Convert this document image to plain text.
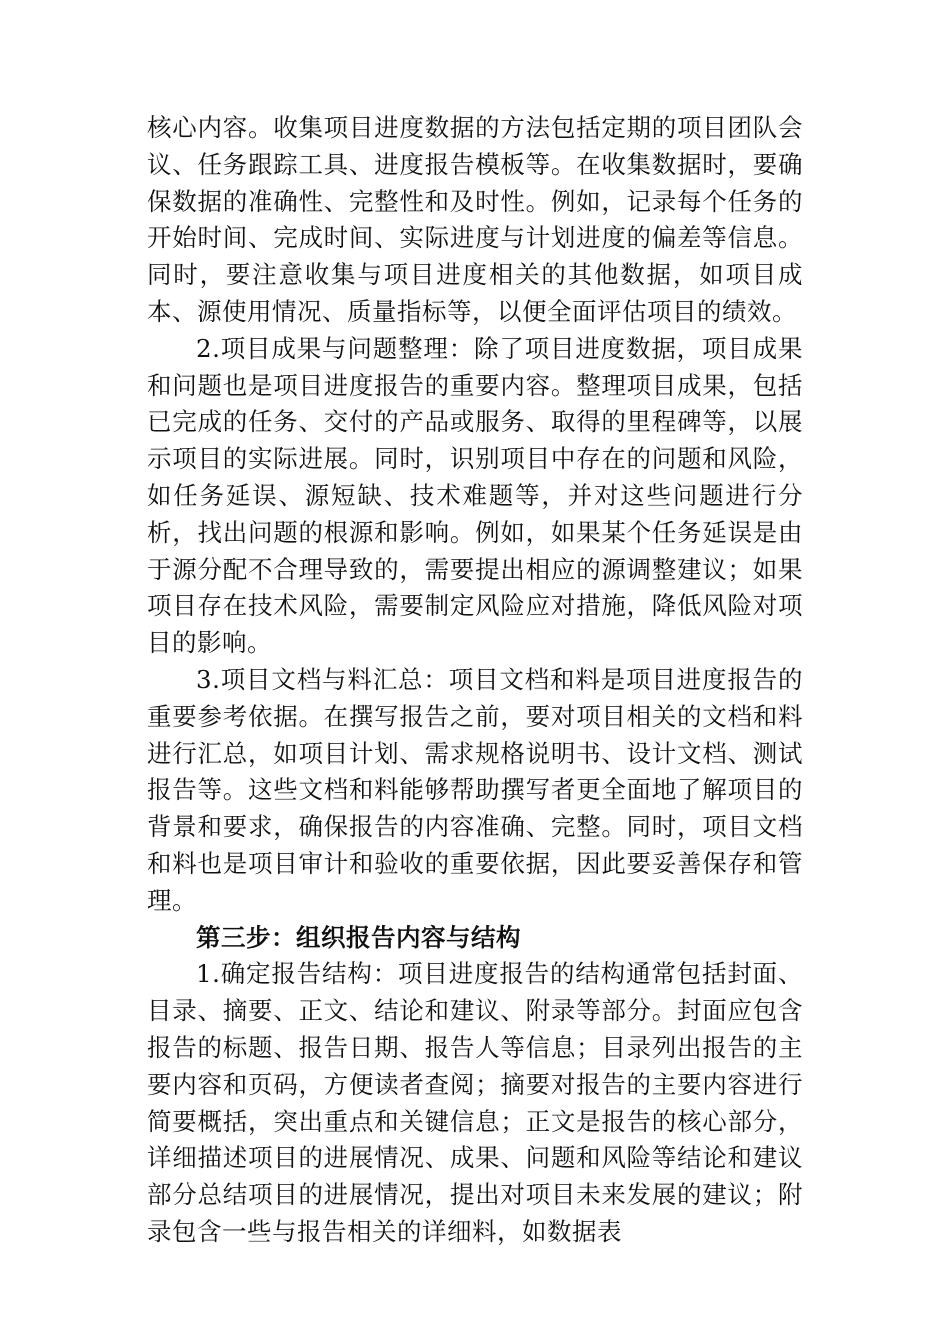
核心内容。收集项目进度数据的方法包括定期的项目团队会议、任务跟踪工具、进度报告模板等。在收集数据时，要确保数据的准确性、完整性和及时性。例如，记录每个任务的开始时间、完成时间、实际进度与计划进度的偏差等信息。同时，要注意收集与项目进度相关的其他数据，如项目成本、源使用情况、质量指标等，以便全面评估项目的绩效。

2.项目成果与问题整理：除了项目进度数据，项目成果和问题也是项目进度报告的重要内容。整理项目成果，包括已完成的任务、交付的产品或服务、取得的里程碑等，以展示项目的实际进展。同时，识别项目中存在的问题和风险，如任务延误、源短缺、技术难题等，并对这些问题进行分析，找出问题的根源和影响。例如，如果某个任务延误是由于源分配不合理导致的，需要提出相应的源调整建议；如果项目存在技术风险，需要制定风险应对措施，降低风险对项目的影响。

3.项目文档与料汇总：项目文档和料是项目进度报告的重要参考依据。在撰写报告之前，要对项目相关的文档和料进行汇总，如项目计划、需求规格说明书、设计文档、测试报告等。这些文档和料能够帮助撰写者更全面地了解项目的背景和要求，确保报告的内容准确、完整。同时，项目文档和料也是项目审计和验收的重要依据，因此要妥善保存和管理。

第三步：组织报告内容与结构

1.确定报告结构：项目进度报告的结构通常包括封面、目录、摘要、正文、结论和建议、附录等部分。封面应包含报告的标题、报告日期、报告人等信息；目录列出报告的主要内容和页码，方便读者查阅；摘要对报告的主要内容进行简要概括，突出重点和关键信息；正文是报告的核心部分，详细描述项目的进展情况、成果、问题和风险等结论和建议部分总结项目的进展情况，提出对项目未来发展的建议；附录包含一些与报告相关的详细料，如数据表
